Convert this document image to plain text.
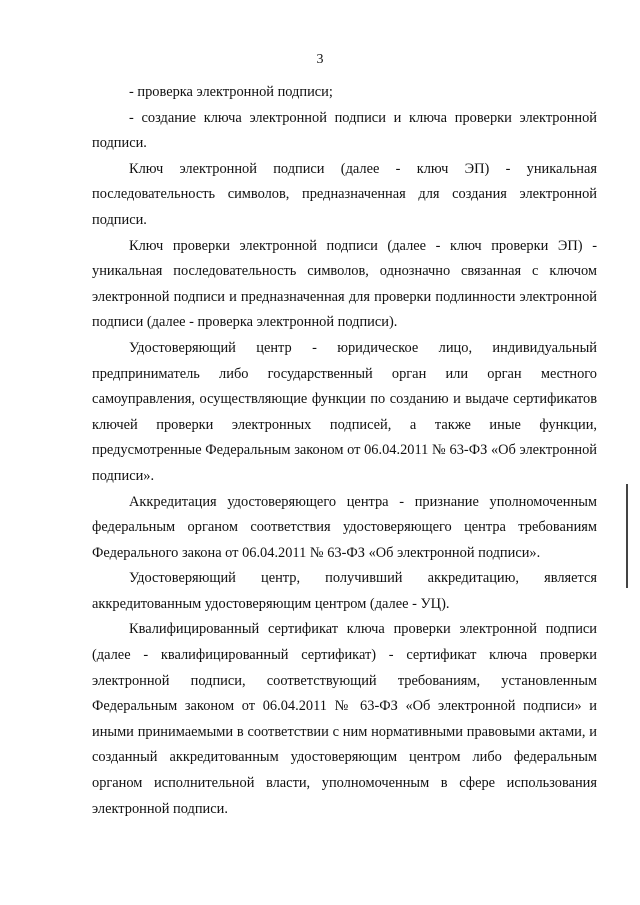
3

- проверка электронной подписи;

- создание ключа электронной подписи и ключа проверки электронной подписи.

Ключ электронной подписи (далее - ключ ЭП) - уникальная последовательность символов, предназначенная для создания электронной подписи.

Ключ проверки электронной подписи (далее - ключ проверки ЭП) - уникальная последовательность символов, однозначно связанная с ключом электронной подписи и предназначенная для проверки подлинности электронной подписи (далее - проверка электронной подписи).

Удостоверяющий центр - юридическое лицо, индивидуальный предприниматель либо государственный орган или орган местного самоуправления, осуществляющие функции по созданию и выдаче сертификатов ключей проверки электронных подписей, а также иные функции, предусмотренные Федеральным законом от 06.04.2011 № 63-ФЗ «Об электронной подписи».

Аккредитация удостоверяющего центра - признание уполномоченным федеральным органом соответствия удостоверяющего центра требованиям Федерального закона от 06.04.2011 № 63-ФЗ «Об электронной подписи».

Удостоверяющий центр, получивший аккредитацию, является аккредитованным удостоверяющим центром (далее - УЦ).

Квалифицированный сертификат ключа проверки электронной подписи (далее - квалифицированный сертификат) - сертификат ключа проверки электронной подписи, соответствующий требованиям, установленным Федеральным законом от 06.04.2011 № 63-ФЗ «Об электронной подписи» и иными принимаемыми в соответствии с ним нормативными правовыми актами, и созданный аккредитованным удостоверяющим центром либо федеральным органом исполнительной власти, уполномоченным в сфере использования электронной подписи.
